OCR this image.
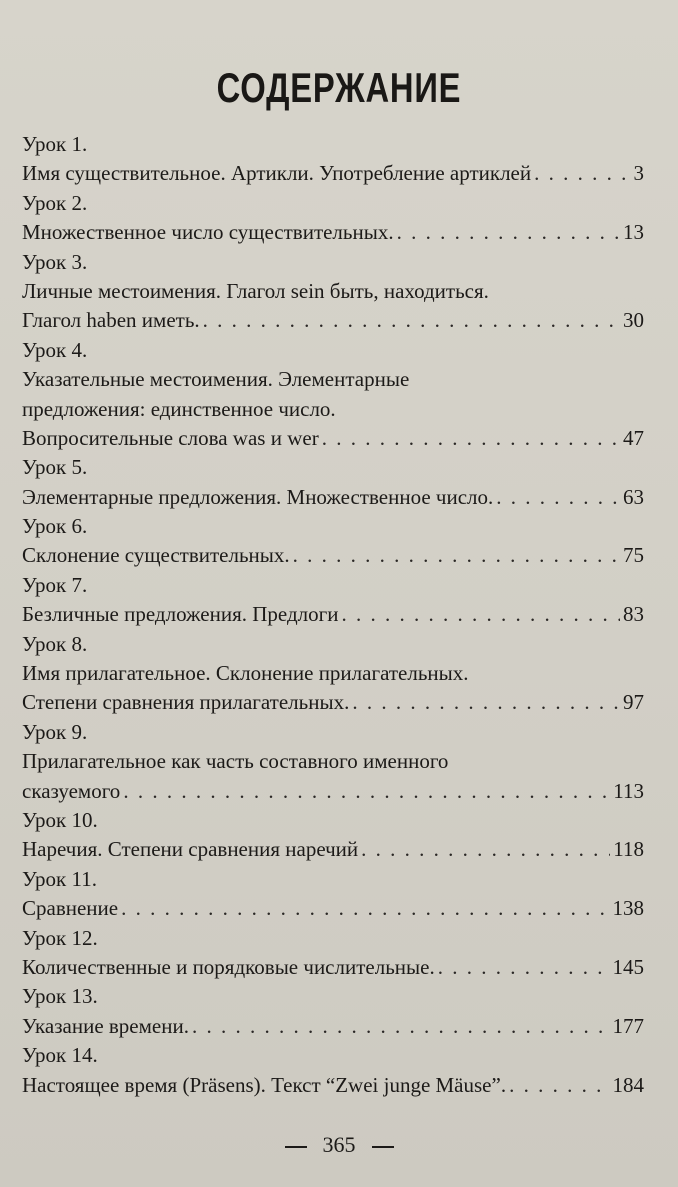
СОДЕРЖАНИЕ
Урок 1.
Имя существительное. Артикли. Употребление артиклей . . .	3
Урок 2.
Множественное число существительных. . . .	13
Урок 3.
Личные местоимения. Глагол sein быть, находиться.
Глагол haben иметь. . . .	30
Урок 4.
Указательные местоимения. Элементарные
предложения: единственное число.
Вопросительные слова was и wer . . .	47
Урок 5.
Элементарные предложения. Множественное число. . . .	63
Урок 6.
Склонение существительных. . . .	75
Урок 7.
Безличные предложения. Предлоги . . .	83
Урок 8.
Имя прилагательное. Склонение прилагательных.
Степени сравнения прилагательных. . . .	97
Урок 9.
Прилагательное как часть составного именного
сказуемого . . .	113
Урок 10.
Наречия. Степени сравнения наречий . . .	118
Урок 11.
Сравнение . . .	138
Урок 12.
Количественные и порядковые числительные. . . .	145
Урок 13.
Указание времени. . . .	177
Урок 14.
Настоящее время (Präsens). Текст “Zwei junge Mäuse”. . . .	184
365
